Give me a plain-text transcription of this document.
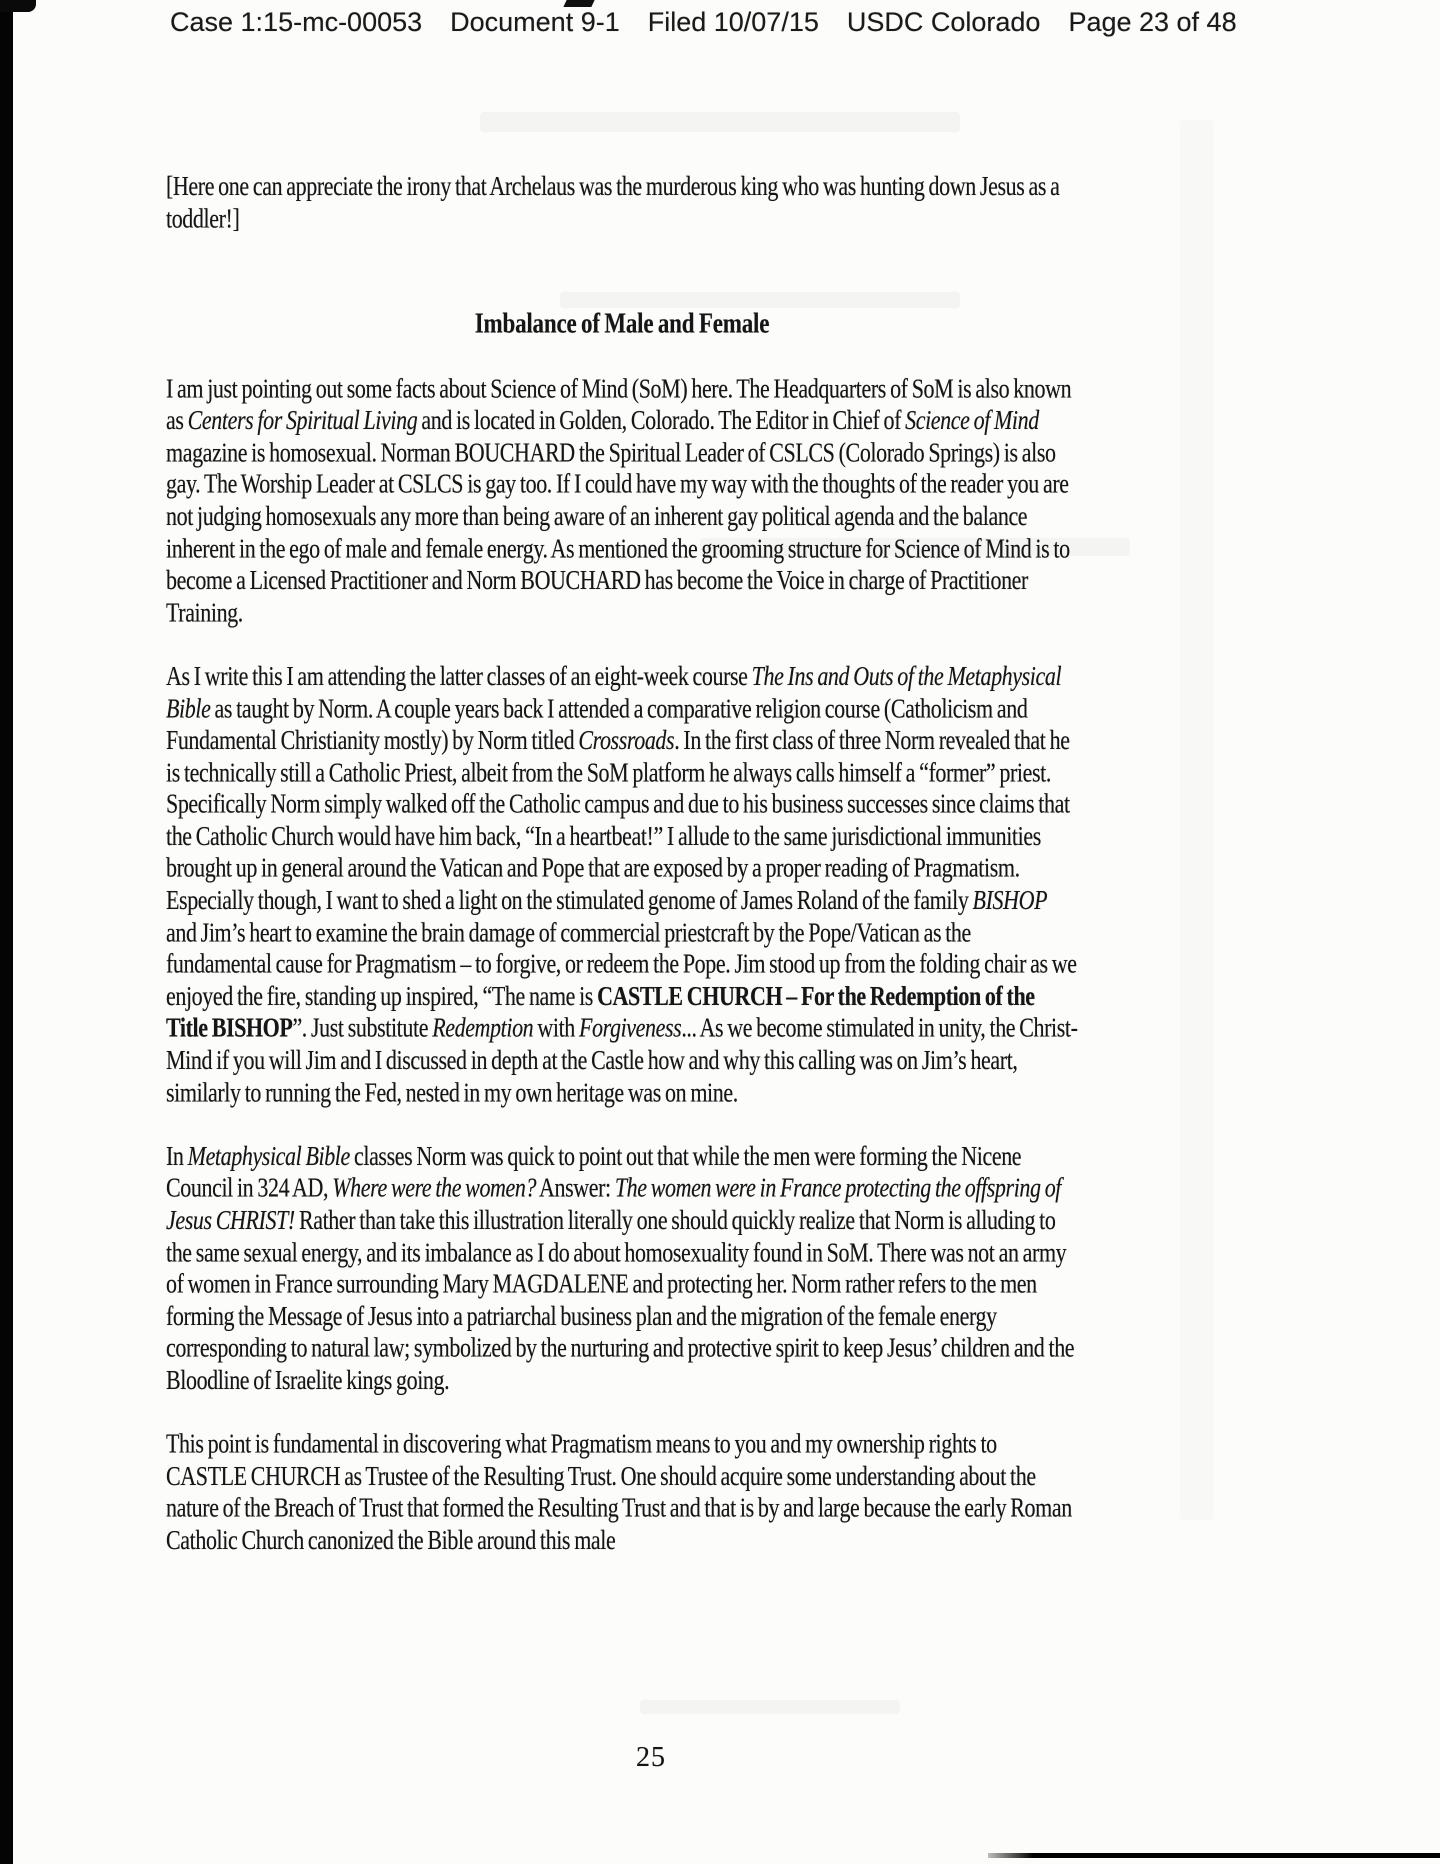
Case 1:15-mc-00053 Document 9-1 Filed 10/07/15 USDC Colorado Page 23 of 48

[Here one can appreciate the irony that Archelaus was the murderous king who was hunting down Jesus as a toddler!]

Imbalance of Male and Female

I am just pointing out some facts about Science of Mind (SoM) here. The Headquarters of SoM is also known as Centers for Spiritual Living and is located in Golden, Colorado. The Editor in Chief of Science of Mind magazine is homosexual. Norman BOUCHARD the Spiritual Leader of CSLCS (Colorado Springs) is also gay. The Worship Leader at CSLCS is gay too. If I could have my way with the thoughts of the reader you are not judging homosexuals any more than being aware of an inherent gay political agenda and the balance inherent in the ego of male and female energy. As mentioned the grooming structure for Science of Mind is to become a Licensed Practitioner and Norm BOUCHARD has become the Voice in charge of Practitioner Training.

As I write this I am attending the latter classes of an eight-week course The Ins and Outs of the Metaphysical Bible as taught by Norm. A couple years back I attended a comparative religion course (Catholicism and Fundamental Christianity mostly) by Norm titled Crossroads. In the first class of three Norm revealed that he is technically still a Catholic Priest, albeit from the SoM platform he always calls himself a “former” priest. Specifically Norm simply walked off the Catholic campus and due to his business successes since claims that the Catholic Church would have him back, “In a heartbeat!” I allude to the same jurisdictional immunities brought up in general around the Vatican and Pope that are exposed by a proper reading of Pragmatism. Especially though, I want to shed a light on the stimulated genome of James Roland of the family BISHOP and Jim’s heart to examine the brain damage of commercial priestcraft by the Pope/Vatican as the fundamental cause for Pragmatism – to forgive, or redeem the Pope. Jim stood up from the folding chair as we enjoyed the fire, standing up inspired, “The name is CASTLE CHURCH – For the Redemption of the Title BISHOP”. Just substitute Redemption with Forgiveness... As we become stimulated in unity, the Christ-Mind if you will Jim and I discussed in depth at the Castle how and why this calling was on Jim’s heart, similarly to running the Fed, nested in my own heritage was on mine.

In Metaphysical Bible classes Norm was quick to point out that while the men were forming the Nicene Council in 324 AD, Where were the women? Answer: The women were in France protecting the offspring of Jesus CHRIST! Rather than take this illustration literally one should quickly realize that Norm is alluding to the same sexual energy, and its imbalance as I do about homosexuality found in SoM. There was not an army of women in France surrounding Mary MAGDALENE and protecting her. Norm rather refers to the men forming the Message of Jesus into a patriarchal business plan and the migration of the female energy corresponding to natural law; symbolized by the nurturing and protective spirit to keep Jesus’ children and the Bloodline of Israelite kings going.

This point is fundamental in discovering what Pragmatism means to you and my ownership rights to CASTLE CHURCH as Trustee of the Resulting Trust. One should acquire some understanding about the nature of the Breach of Trust that formed the Resulting Trust and that is by and large because the early Roman Catholic Church canonized the Bible around this male

25
